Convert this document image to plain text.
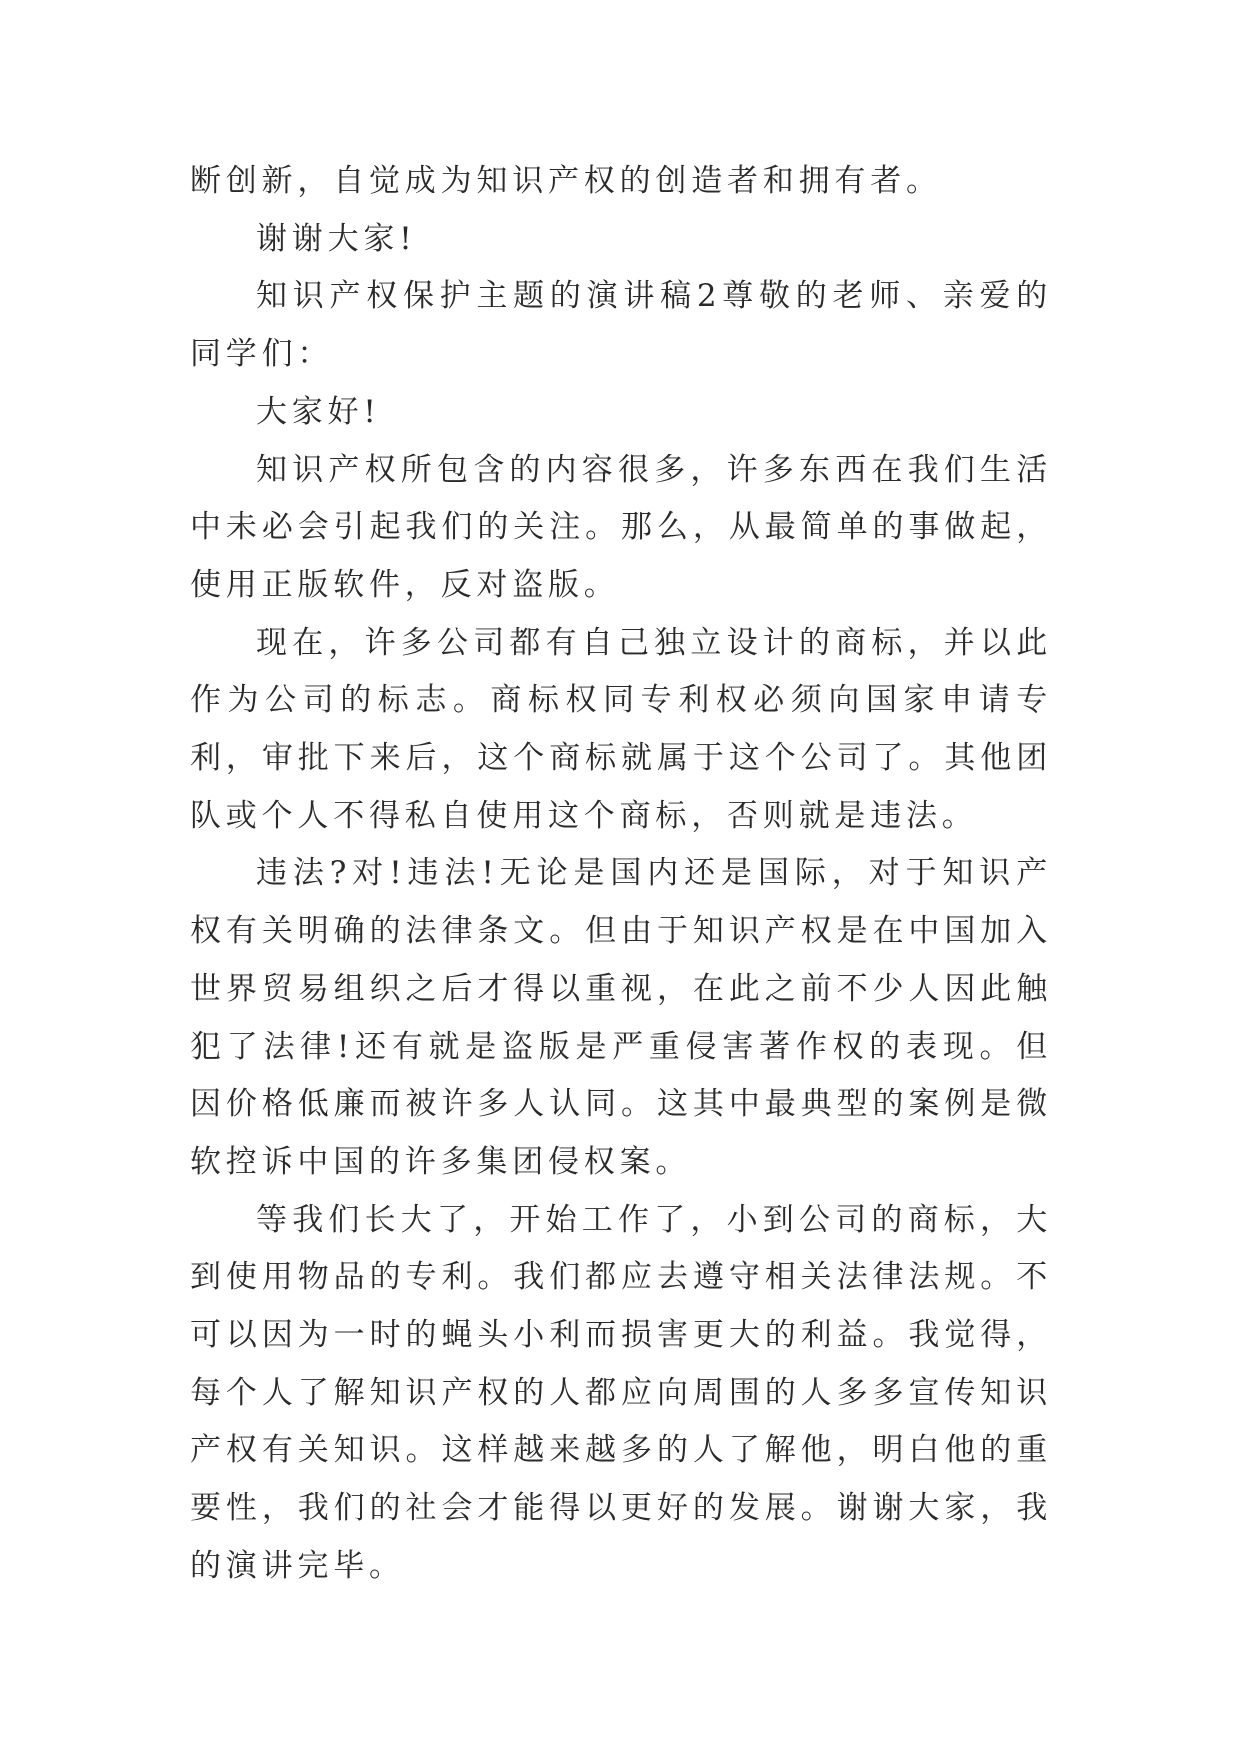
断创新，自觉成为知识产权的创造者和拥有者。

谢谢大家!

知识产权保护主题的演讲稿2尊敬的老师、亲爱的同学们：

大家好!

知识产权所包含的内容很多，许多东西在我们生活中未必会引起我们的关注。那么，从最简单的事做起，使用正版软件，反对盗版。

现在，许多公司都有自己独立设计的商标，并以此作为公司的标志。商标权同专利权必须向国家申请专利，审批下来后，这个商标就属于这个公司了。其他团队或个人不得私自使用这个商标，否则就是违法。

违法?对!违法!无论是国内还是国际，对于知识产权有关明确的法律条文。但由于知识产权是在中国加入世界贸易组织之后才得以重视，在此之前不少人因此触犯了法律!还有就是盗版是严重侵害著作权的表现。但因价格低廉而被许多人认同。这其中最典型的案例是微软控诉中国的许多集团侵权案。

等我们长大了，开始工作了，小到公司的商标，大到使用物品的专利。我们都应去遵守相关法律法规。不可以因为一时的蝇头小利而损害更大的利益。我觉得，每个人了解知识产权的人都应向周围的人多多宣传知识产权有关知识。这样越来越多的人了解他，明白他的重要性，我们的社会才能得以更好的发展。谢谢大家，我的演讲完毕。
